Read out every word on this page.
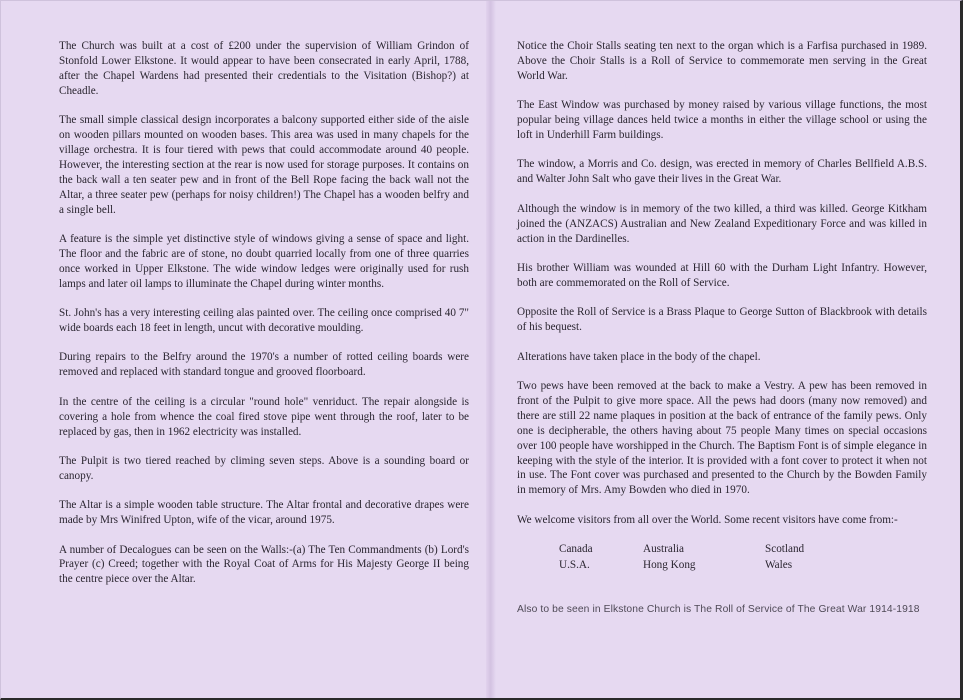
The Church was built at a cost of £200 under the supervision of William Grindon of Stonfold Lower Elkstone. It would appear to have been consecrated in early April, 1788, after the Chapel Wardens had presented their credentials to the Visitation (Bishop?) at Cheadle.

The small simple classical design incorporates a balcony supported either side of the aisle on wooden pillars mounted on wooden bases. This area was used in many chapels for the village orchestra. It is four tiered with pews that could accommodate around 40 people. However, the interesting section at the rear is now used for storage purposes. It contains on the back wall a ten seater pew and in front of the Bell Rope facing the back wall not the Altar, a three seater pew (perhaps for noisy children!) The Chapel has a wooden belfry and a single bell.

A feature is the simple yet distinctive style of windows giving a sense of space and light. The floor and the fabric are of stone, no doubt quarried locally from one of three quarries once worked in Upper Elkstone. The wide window ledges were originally used for rush lamps and later oil lamps to illuminate the Chapel during winter months.

St. John's has a very interesting ceiling alas painted over. The ceiling once comprised 40 7" wide boards each 18 feet in length, uncut with decorative moulding.

During repairs to the Belfry around the 1970's a number of rotted ceiling boards were removed and replaced with standard tongue and grooved floorboard.

In the centre of the ceiling is a circular "round hole" venriduct. The repair alongside is covering a hole from whence the coal fired stove pipe went through the roof, later to be replaced by gas, then in 1962 electricity was installed.

The Pulpit is two tiered reached by climing seven steps. Above is a sounding board or canopy.

The Altar is a simple wooden table structure. The Altar frontal and decorative drapes were made by Mrs Winifred Upton, wife of the vicar, around 1975.

A number of Decalogues can be seen on the Walls:-(a) The Ten Commandments (b) Lord's Prayer (c) Creed; together with the Royal Coat of Arms for His Majesty George II being the centre piece over the Altar.

Notice the Choir Stalls seating ten next to the organ which is a Farfisa purchased in 1989. Above the Choir Stalls is a Roll of Service to commemorate men serving in the Great World War.

The East Window was purchased by money raised by various village functions, the most popular being village dances held twice a months in either the village school or using the loft in Underhill Farm buildings.

The window, a Morris and Co. design, was erected in memory of Charles Bellfield A.B.S. and Walter John Salt who gave their lives in the Great War.

Although the window is in memory of the two killed, a third was killed. George Kitkham joined the (ANZACS) Australian and New Zealand Expeditionary Force and was killed in action in the Dardinelles.

His brother William was wounded at Hill 60 with the Durham Light Infantry. However, both are commemorated on the Roll of Service.

Opposite the Roll of Service is a Brass Plaque to George Sutton of Blackbrook with details of his bequest.

Alterations have taken place in the body of the chapel.

Two pews have been removed at the back to make a Vestry. A pew has been removed in front of the Pulpit to give more space. All the pews had doors (many now removed) and there are still 22 name plaques in position at the back of entrance of the family pews. Only one is decipherable, the others having about 75 people Many times on special occasions over 100 people have worshipped in the Church. The Baptism Font is of simple elegance in keeping with the style of the interior. It is provided with a font cover to protect it when not in use. The Font cover was purchased and presented to the Church by the Bowden Family in memory of Mrs. Amy Bowden who died in 1970.

We welcome visitors from all over the World. Some recent visitors have come from:-

Canada	Australia	Scotland
U.S.A.	Hong Kong	Wales

Also to be seen in Elkstone Church is The Roll of Service of The Great War 1914-1918
